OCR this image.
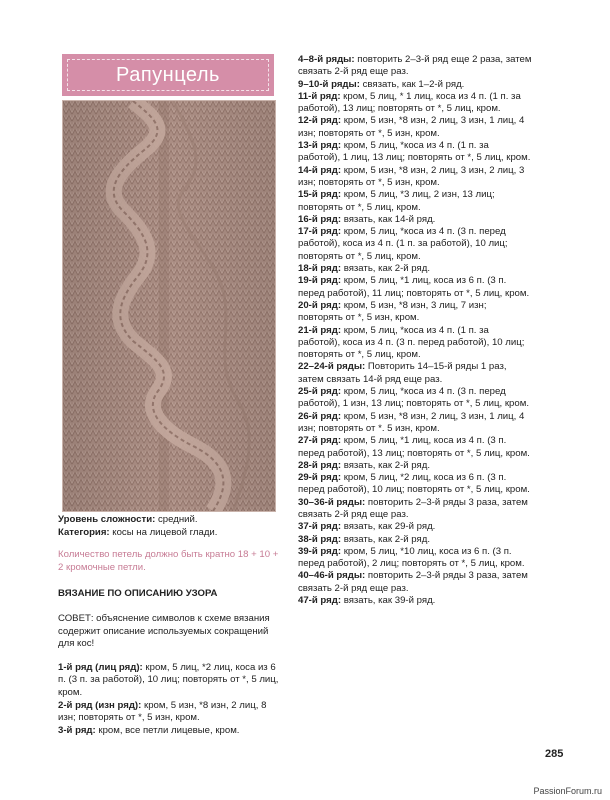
Рапунцель
Уровень сложности: средний.
Категория: косы на лицевой глади.
Количество петель должно быть кратно 18 + 10 + 2 кромочные петли.
ВЯЗАНИЕ ПО ОПИСАНИЮ УЗОРА
СОВЕТ: объяснение символов к схеме вязания содержит описание используемых сокращений для кос!
1-й ряд (лиц ряд): кром, 5 лиц, *2 лиц, коса из 6 п. (3 п. за работой), 10 лиц; повторять от *, 5 лиц, кром.
2-й ряд (изн ряд): кром, 5 изн, *8 изн, 2 лиц, 8 изн; повторять от *, 5 изн, кром.
3-й ряд: кром, все петли лицевые, кром.
4–8-й ряды: повторить 2–3-й ряд еще 2 раза, затем связать 2-й ряд еще раз.
9–10-й ряды: связать, как 1–2-й ряд.
11-й ряд: кром, 5 лиц, * 1 лиц, коса из 4 п. (1 п. за работой), 13 лиц; повторять от *, 5 лиц, кром.
12-й ряд: кром, 5 изн, *8 изн, 2 лиц, 3 изн, 1 лиц, 4 изн; повторять от *, 5 изн, кром.
13-й ряд: кром, 5 лиц, *коса из 4 п. (1 п. за работой), 1 лиц, 13 лиц; повторять от *, 5 лиц, кром.
14-й ряд: кром, 5 изн, *8 изн, 2 лиц, 3 изн, 2 лиц, 3 изн; повторять от *, 5 изн, кром.
15-й ряд: кром, 5 лиц, *3 лиц, 2 изн, 13 лиц; повторять от *, 5 лиц, кром.
16-й ряд: вязать, как 14-й ряд.
17-й ряд: кром, 5 лиц, *коса из 4 п. (3 п. перед работой), коса из 4 п. (1 п. за работой), 10 лиц; повторять от *, 5 лиц, кром.
18-й ряд: вязать, как 2-й ряд.
19-й ряд: кром, 5 лиц, *1 лиц, коса из 6 п. (3 п. перед работой), 11 лиц; повторять от *, 5 лиц, кром.
20-й ряд: кром, 5 изн, *8 изн, 3 лиц, 7 изн; повторять от *, 5 изн, кром.
21-й ряд: кром, 5 лиц, *коса из 4 п. (1 п. за работой), коса из 4 п. (3 п. перед работой), 10 лиц; повторять от *, 5 лиц, кром.
22–24-й ряды: Повторить 14–15-й ряды 1 раз, затем связать 14-й ряд еще раз.
25-й ряд: кром, 5 лиц, *коса из 4 п. (3 п. перед работой), 1 изн, 13 лиц; повторять от *, 5 лиц, кром.
26-й ряд: кром, 5 изн, *8 изн, 2 лиц, 3 изн, 1 лиц, 4 изн; повторять от *. 5 изн, кром.
27-й ряд: кром, 5 лиц, *1 лиц, коса из 4 п. (3 п. перед работой), 13 лиц; повторять от *, 5 лиц, кром.
28-й ряд: вязать, как 2-й ряд.
29-й ряд: кром, 5 лиц, *2 лиц, коса из 6 п. (3 п. перед работой), 10 лиц; повторять от *, 5 лиц, кром.
30–36-й ряды: повторить 2–3-й ряды 3 раза, затем связать 2-й ряд еще раз.
37-й ряд: вязать, как 29-й ряд.
38-й ряд: вязать, как 2-й ряд.
39-й ряд: кром, 5 лиц, *10 лиц, коса из 6 п. (3 п. перед работой), 2 лиц; повторять от *, 5 лиц, кром.
40–46-й ряды: повторить 2–3-й ряды 3 раза, затем связать 2-й ряд еще раз.
47-й ряд: вязать, как 39-й ряд.
285
PassionForum.ru
